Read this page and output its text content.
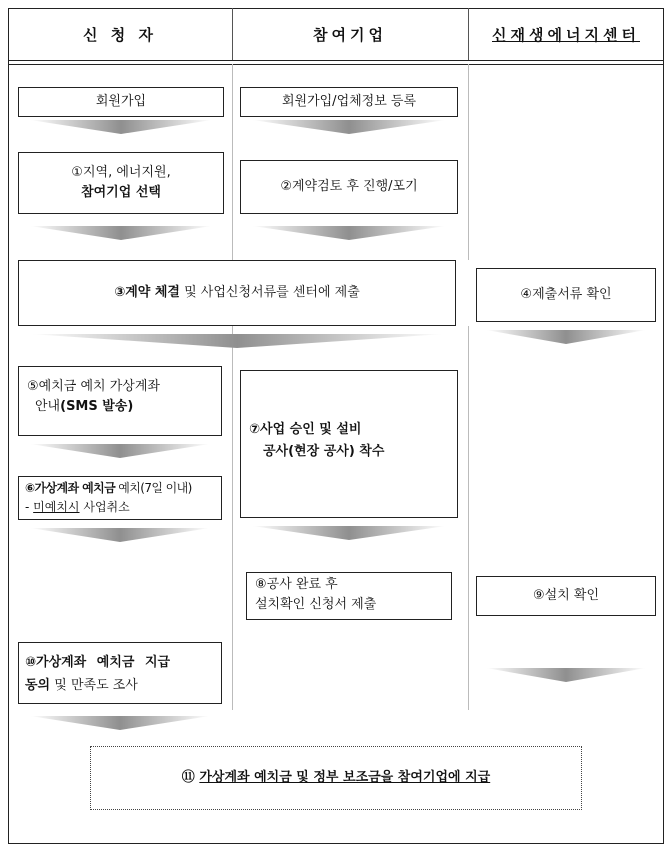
신 청 자	참여기업	신재생에너지센터
회원가입	회원가입/업체정보 등록
①지역, 에너지원,
참여기업 선택	②계약검토 후 진행/포기
③계약 체결 및 사업신청서류를 센터에 제출	④제출서류 확인
⑤예치금 예치 가상계좌
안내(SMS 발송)
⑥가상계좌 예치금 예치(7일 이내)
- 미예치시 사업취소
⑦사업 승인 및 설비
공사(현장 공사) 착수
⑧공사 완료 후
설치확인 신청서 제출
⑨설치 확인
⑩가상계좌 예치금 지급
동의 및 만족도 조사
⑪ 가상계좌 예치금 및 정부 보조금을 참여기업에 지급
